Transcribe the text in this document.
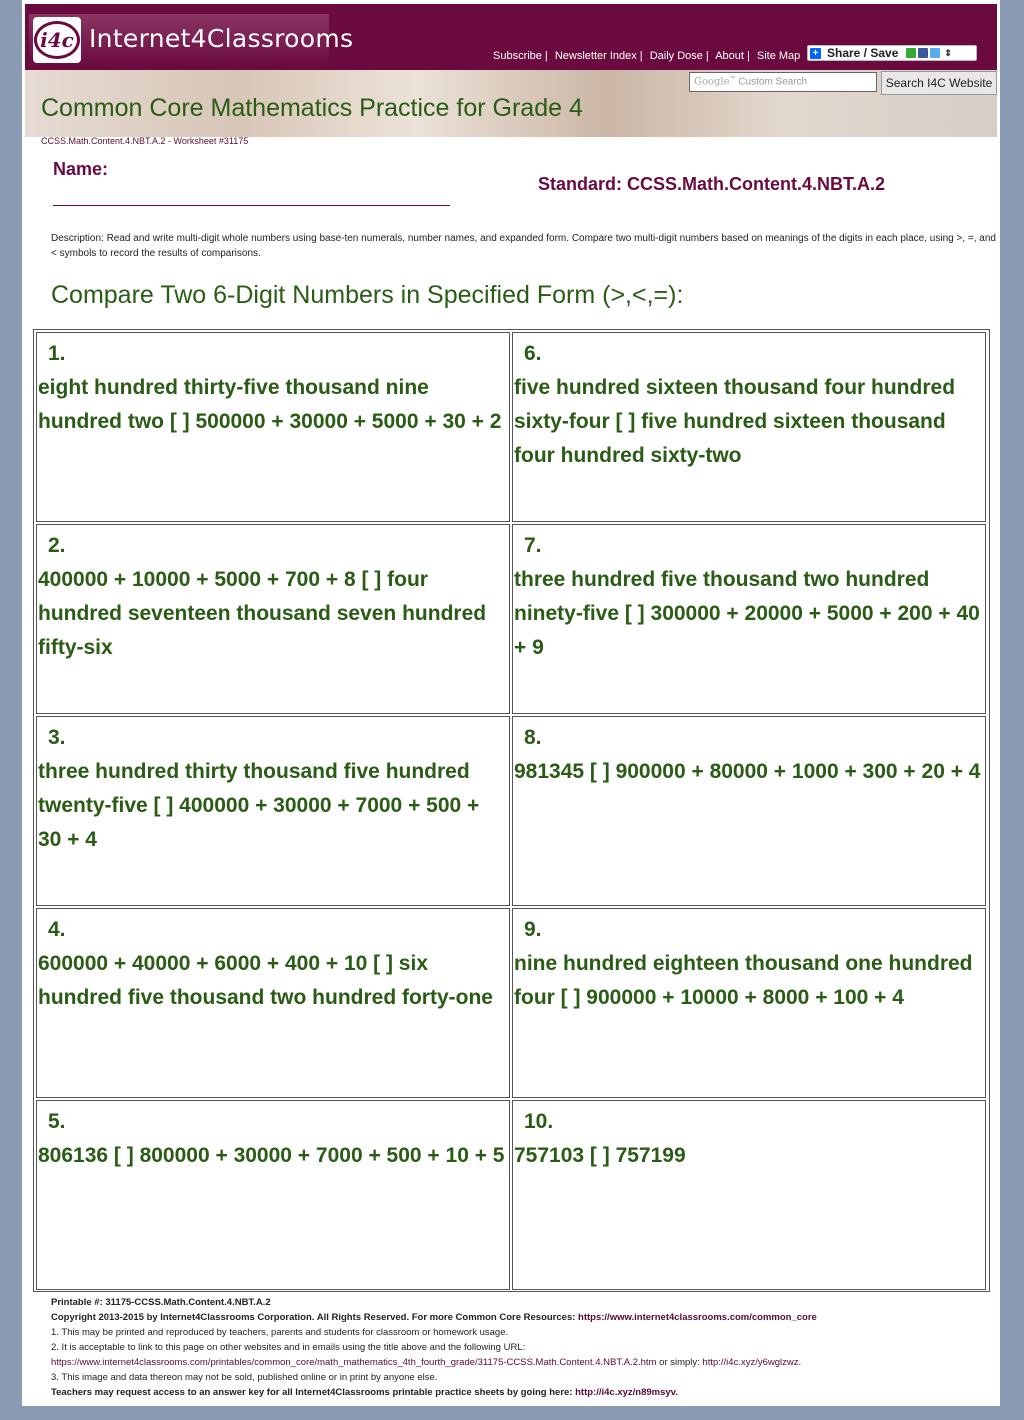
i4c Internet4Classrooms
Subscribe | Newsletter Index | Daily Dose | About | Site Map + Share / Save	⇕
Google™ Custom Search	Search I4C Website
Common Core Mathematics Practice for Grade 4
CCSS.Math.Content.4.NBT.A.2 - Worksheet #31175
Name:
Standard: CCSS.Math.Content.4.NBT.A.2
Description: Read and write multi-digit whole numbers using base-ten numerals, number names, and expanded form. Compare two multi-digit numbers based on meanings of the digits in each place, using >, =, and < symbols to record the results of comparisons.
Compare Two 6-Digit Numbers in Specified Form (>,<,=):
1.
eight hundred thirty-five thousand nine hundred two [ ] 500000 + 30000 + 5000 + 30 + 2
2.
400000 + 10000 + 5000 + 700 + 8 [ ] four hundred seventeen thousand seven hundred fifty-six
3.
three hundred thirty thousand five hundred twenty-five [ ] 400000 + 30000 + 7000 + 500 + 30 + 4
4.
600000 + 40000 + 6000 + 400 + 10 [ ] six hundred five thousand two hundred forty-one
5.
806136 [ ] 800000 + 30000 + 7000 + 500 + 10 + 5
6.
five hundred sixteen thousand four hundred sixty-four [ ] five hundred sixteen thousand four hundred sixty-two
7.
three hundred five thousand two hundred ninety-five [ ] 300000 + 20000 + 5000 + 200 + 40 + 9
8.
981345 [ ] 900000 + 80000 + 1000 + 300 + 20 + 4
9.
nine hundred eighteen thousand one hundred four [ ] 900000 + 10000 + 8000 + 100 + 4
10.
757103 [ ] 757199
Printable #: 31175-CCSS.Math.Content.4.NBT.A.2
Copyright 2013-2015 by Internet4Classrooms Corporation. All Rights Reserved. For more Common Core Resources: https://www.internet4classrooms.com/common_core
1. This may be printed and reproduced by teachers, parents and students for classroom or homework usage.
2. It is acceptable to link to this page on other websites and in emails using the title above and the following URL:
https://www.internet4classrooms.com/printables/common_core/math_mathematics_4th_fourth_grade/31175-CCSS.Math.Content.4.NBT.A.2.htm or simply: http://i4c.xyz/y6wglzwz.
3. This image and data thereon may not be sold, published online or in print by anyone else.
Teachers may request access to an answer key for all Internet4Classrooms printable practice sheets by going here: http://i4c.xyz/n89msyv.
